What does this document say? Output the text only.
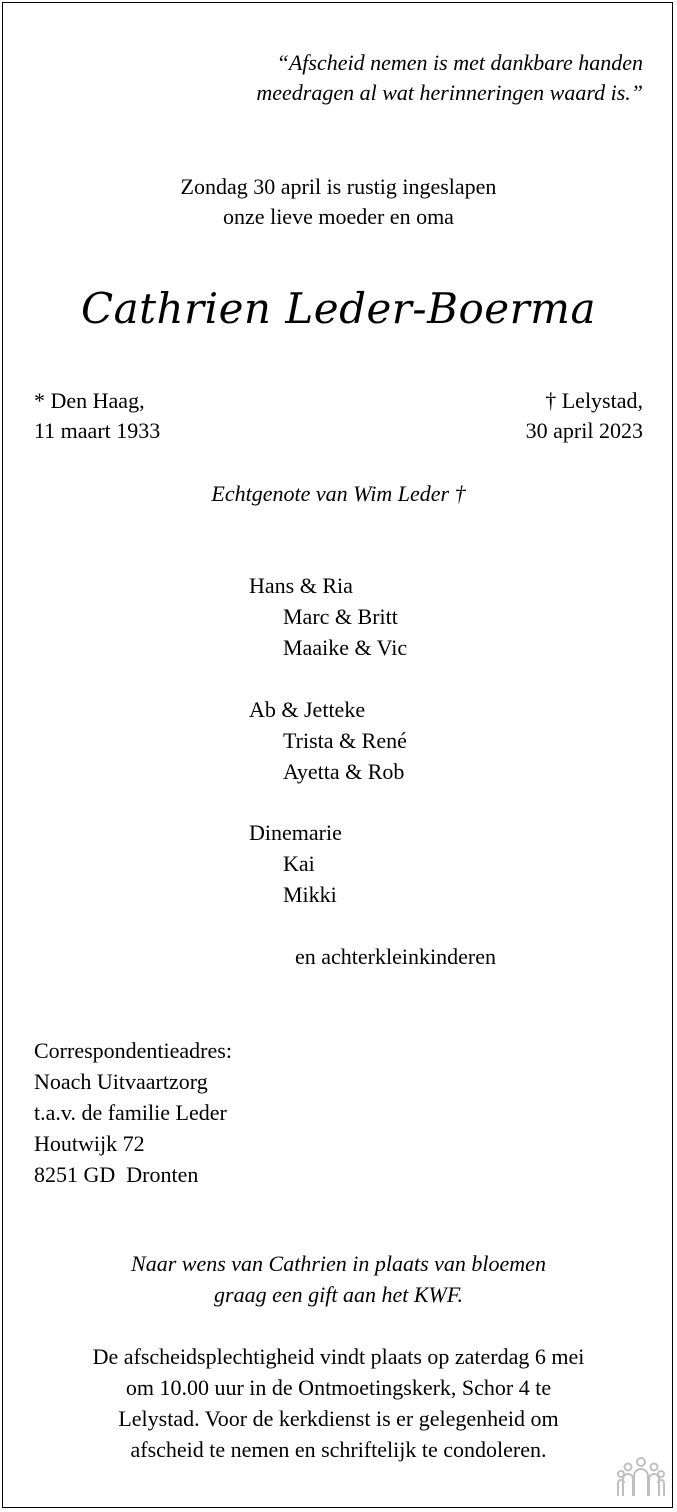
“Afscheid nemen is met dankbare handen
meedragen al wat herinneringen waard is.”
Zondag 30 april is rustig ingeslapen
onze lieve moeder en oma
Cathrien Leder-Boerma
* Den Haag,
11 maart 1933
† Lelystad,
30 april 2023
Echtgenote van Wim Leder †
Hans & Ria
Marc & Britt
Maaike & Vic
Ab & Jetteke
Trista & René
Ayetta & Rob
Dinemarie
Kai
Mikki
en achterkleinkinderen
Correspondentieadres:
Noach Uitvaartzorg
t.a.v. de familie Leder
Houtwijk 72
8251 GD  Dronten
Naar wens van Cathrien in plaats van bloemen
graag een gift aan het KWF.
De afscheidsplechtigheid vindt plaats op zaterdag 6 mei
om 10.00 uur in de Ontmoetingskerk, Schor 4 te
Lelystad. Voor de kerkdienst is er gelegenheid om
afscheid te nemen en schriftelijk te condoleren.
